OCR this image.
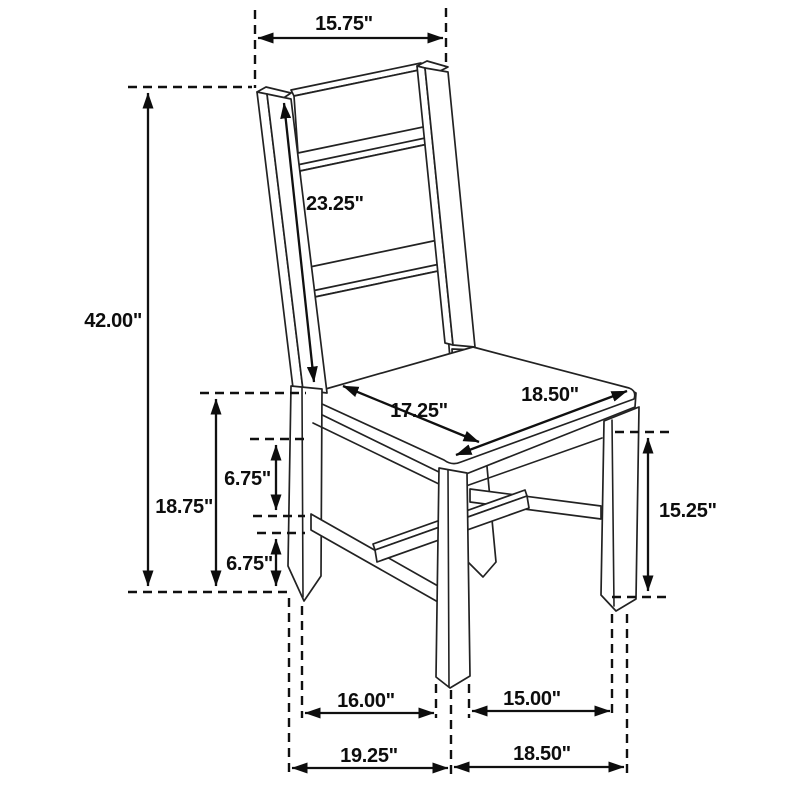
15.75"
42.00"
23.25"
17.25"
18.50"
18.75"
6.75"
6.75"
15.25"
16.00"	15.00"
19.25"	18.50"
